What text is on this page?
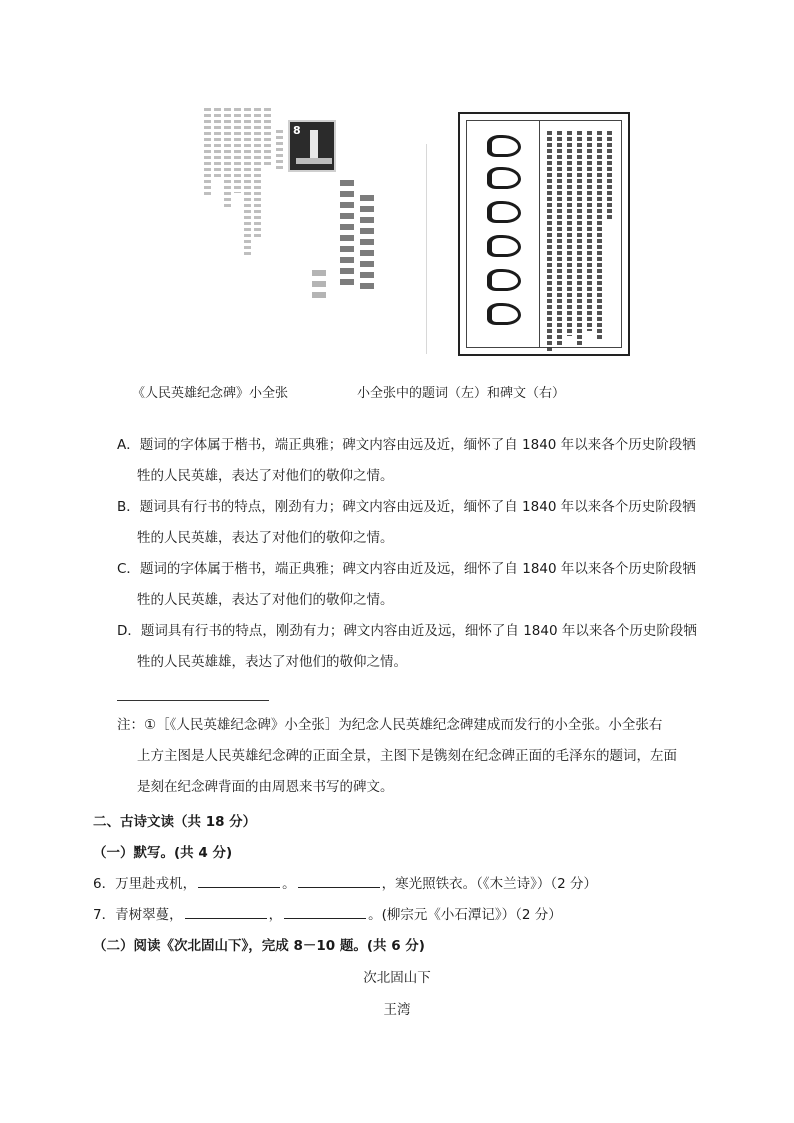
8
《人民英雄纪念碑》小全张	小全张中的题词（左）和碑文（右）
A．题词的字体属于楷书，端正典雅；碑文内容由远及近，缅怀了自 1840 年以来各个历史阶段牺
牲的人民英雄，表达了对他们的敬仰之情。
B．题词具有行书的特点，刚劲有力；碑文内容由远及近，缅怀了自 1840 年以来各个历史阶段牺
牲的人民英雄，表达了对他们的敬仰之情。
C．题词的字体属于楷书，端正典雅；碑文内容由近及远，细怀了自 1840 年以来各个历史阶段牺
牲的人民英雄，表达了对他们的敬仰之情。
D．题词具有行书的特点，刚劲有力；碑文内容由近及远，细怀了自 1840 年以来各个历史阶段牺
牲的人民英雄雄，表达了对他们的敬仰之情。
注：①［《人民英雄纪念碑》小全张］为纪念人民英雄纪念碑建成而发行的小全张。小全张右
上方主图是人民英雄纪念碑的正面全景，主图下是镌刻在纪念碑正面的毛泽东的题词，左面
是刻在纪念碑背面的由周恩来书写的碑文。
二、古诗文读（共 18 分）
（一）默写。(共 4 分)
6．万里赴戎机，	。	，寒光照铁衣。（《木兰诗》）（2 分）
7．青树翠蔓，	，	。(柳宗元《小石潭记》）（2 分）
（二）阅读《次北固山下》，完成 8－10 题。(共 6 分)
次北固山下
王湾
